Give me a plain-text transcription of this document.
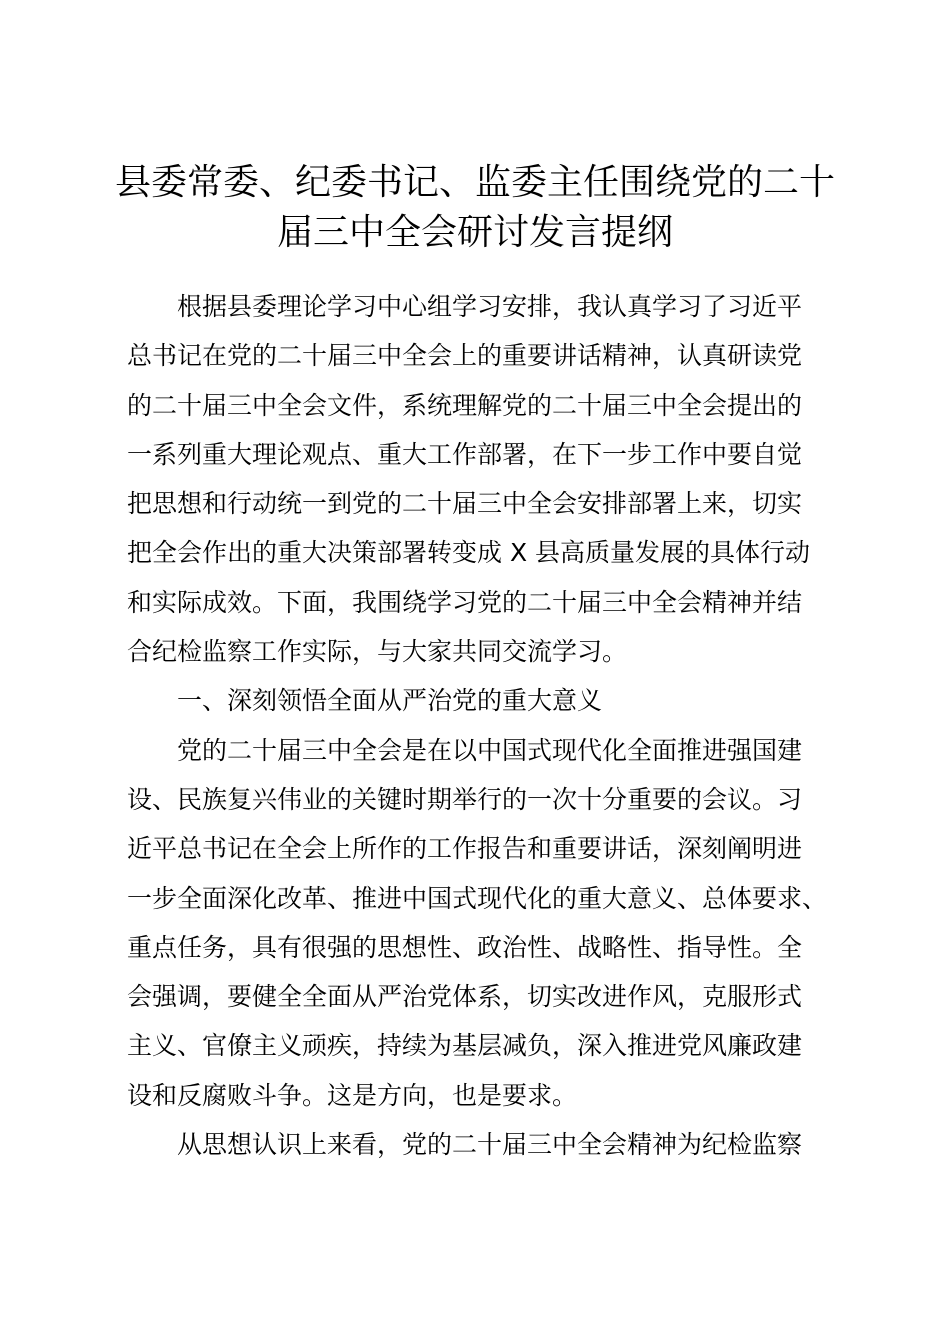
县委常委、纪委书记、监委主任围绕党的二十
届三中全会研讨发言提纲

根据县委理论学习中心组学习安排，我认真学习了习近平
总书记在党的二十届三中全会上的重要讲话精神，认真研读党
的二十届三中全会文件，系统理解党的二十届三中全会提出的
一系列重大理论观点、重大工作部署，在下一步工作中要自觉
把思想和行动统一到党的二十届三中全会安排部署上来，切实
把全会作出的重大决策部署转变成 X 县高质量发展的具体行动
和实际成效。下面，我围绕学习党的二十届三中全会精神并结
合纪检监察工作实际，与大家共同交流学习。

一、深刻领悟全面从严治党的重大意义

党的二十届三中全会是在以中国式现代化全面推进强国建
设、民族复兴伟业的关键时期举行的一次十分重要的会议。习
近平总书记在全会上所作的工作报告和重要讲话，深刻阐明进
一步全面深化改革、推进中国式现代化的重大意义、总体要求、
重点任务，具有很强的思想性、政治性、战略性、指导性。全
会强调，要健全全面从严治党体系，切实改进作风，克服形式
主义、官僚主义顽疾，持续为基层减负，深入推进党风廉政建
设和反腐败斗争。这是方向，也是要求。

从思想认识上来看，党的二十届三中全会精神为纪检监察
